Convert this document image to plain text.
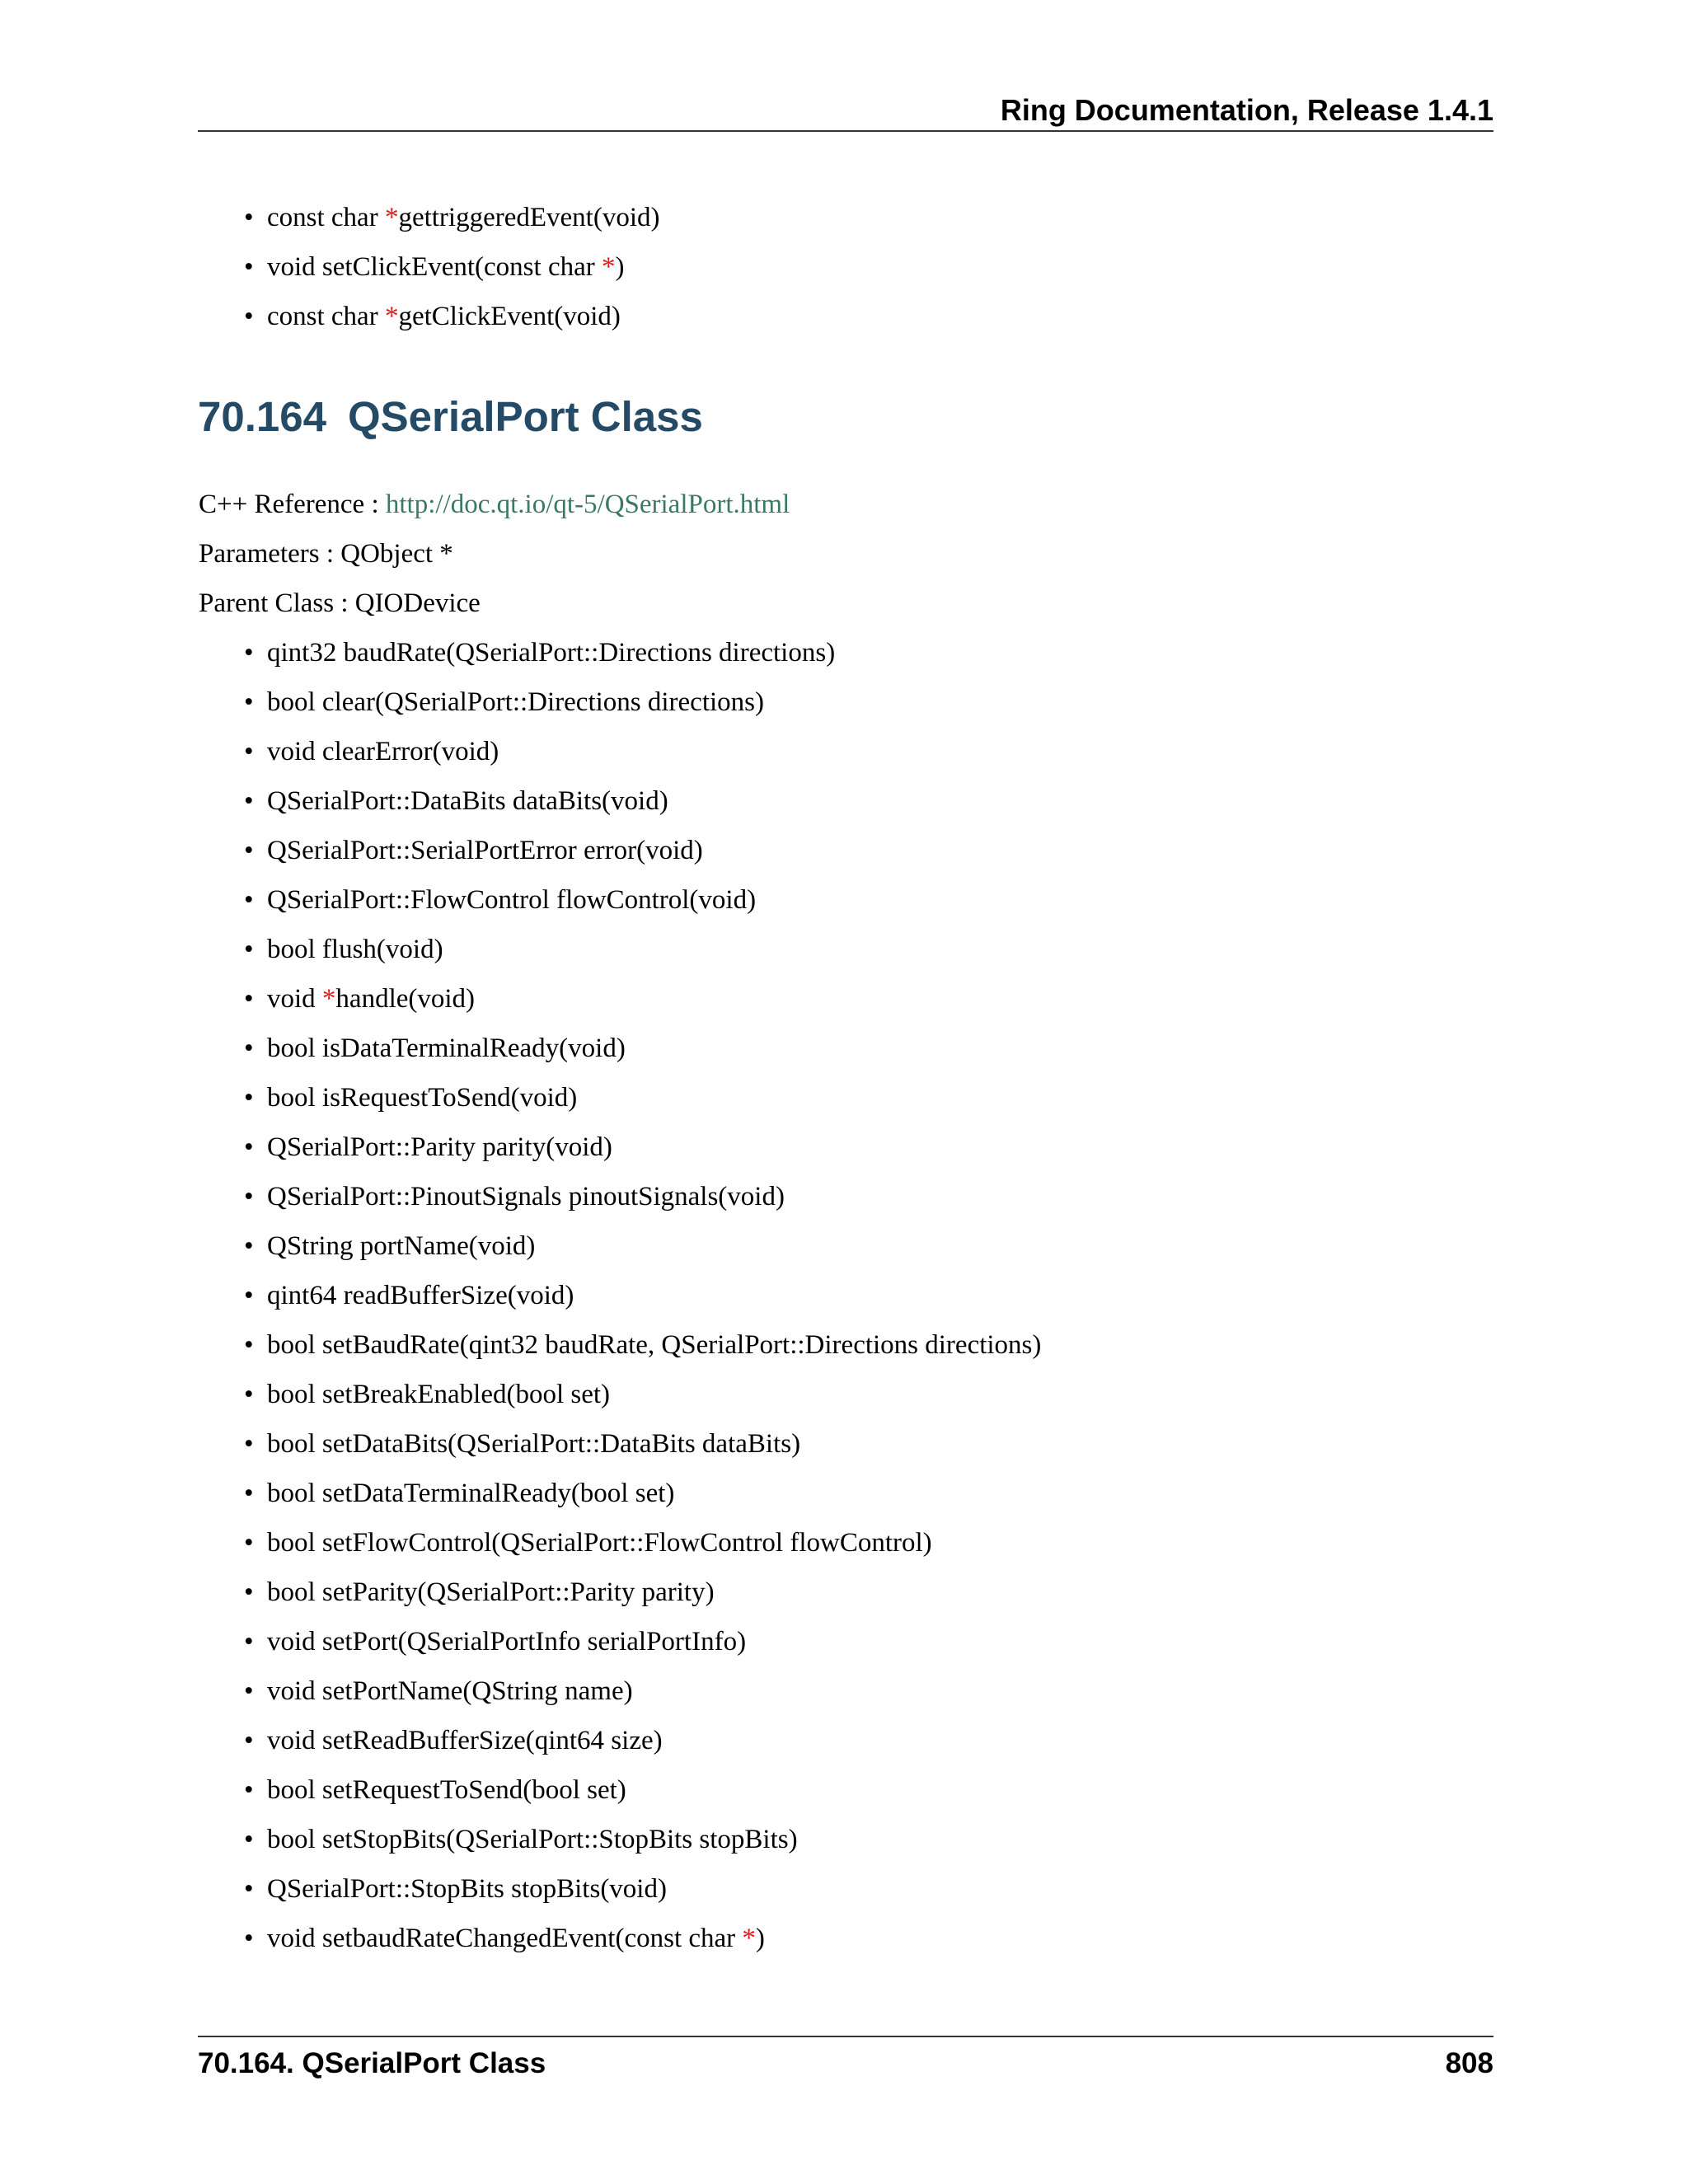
Ring Documentation, Release 1.4.1
• const char *gettriggeredEvent(void)
• void setClickEvent(const char *)
• const char *getClickEvent(void)
70.164 QSerialPort Class
C++ Reference : http://doc.qt.io/qt-5/QSerialPort.html
Parameters : QObject *
Parent Class : QIODevice
• qint32 baudRate(QSerialPort::Directions directions)
• bool clear(QSerialPort::Directions directions)
• void clearError(void)
• QSerialPort::DataBits dataBits(void)
• QSerialPort::SerialPortError error(void)
• QSerialPort::FlowControl flowControl(void)
• bool flush(void)
• void *handle(void)
• bool isDataTerminalReady(void)
• bool isRequestToSend(void)
• QSerialPort::Parity parity(void)
• QSerialPort::PinoutSignals pinoutSignals(void)
• QString portName(void)
• qint64 readBufferSize(void)
• bool setBaudRate(qint32 baudRate, QSerialPort::Directions directions)
• bool setBreakEnabled(bool set)
• bool setDataBits(QSerialPort::DataBits dataBits)
• bool setDataTerminalReady(bool set)
• bool setFlowControl(QSerialPort::FlowControl flowControl)
• bool setParity(QSerialPort::Parity parity)
• void setPort(QSerialPortInfo serialPortInfo)
• void setPortName(QString name)
• void setReadBufferSize(qint64 size)
• bool setRequestToSend(bool set)
• bool setStopBits(QSerialPort::StopBits stopBits)
• QSerialPort::StopBits stopBits(void)
• void setbaudRateChangedEvent(const char *)
70.164. QSerialPort Class	808
